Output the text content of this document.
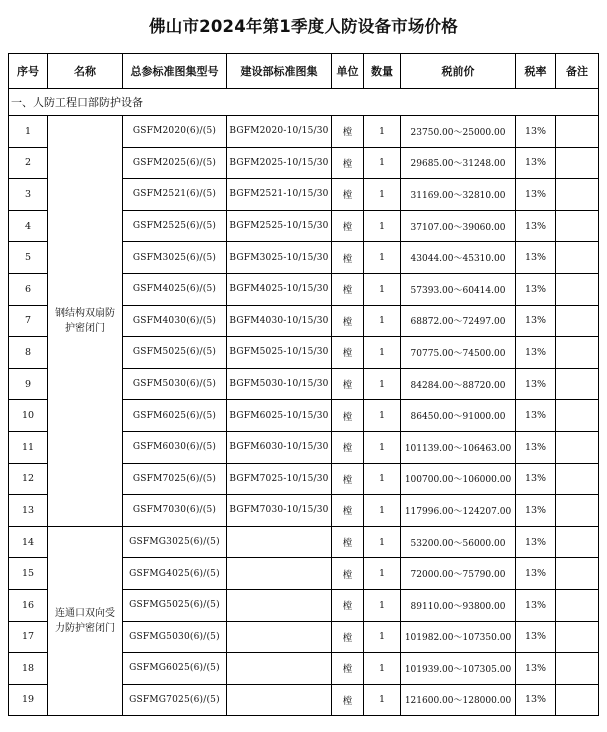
佛山市2024年第1季度人防设备市场价格
序号	名称	总参标准图集型号	建设部标准图集	单位	数量	税前价	税率	备注
一、人防工程口部防护设备								
1	钢结构双扇防护密闭门	GSFM2020(6)/(5)	BGFM2020-10/15/30	樘	1	23750.00～25000.00	13%	
2		GSFM2025(6)/(5)	BGFM2025-10/15/30	樘	1	29685.00～31248.00	13%	
3		GSFM2521(6)/(5)	BGFM2521-10/15/30	樘	1	31169.00～32810.00	13%	
4		GSFM2525(6)/(5)	BGFM2525-10/15/30	樘	1	37107.00～39060.00	13%	
5		GSFM3025(6)/(5)	BGFM3025-10/15/30	樘	1	43044.00～45310.00	13%	
6		GSFM4025(6)/(5)	BGFM4025-10/15/30	樘	1	57393.00～60414.00	13%	
7		GSFM4030(6)/(5)	BGFM4030-10/15/30	樘	1	68872.00～72497.00	13%	
8		GSFM5025(6)/(5)	BGFM5025-10/15/30	樘	1	70775.00～74500.00	13%	
9		GSFM5030(6)/(5)	BGFM5030-10/15/30	樘	1	84284.00～88720.00	13%	
10		GSFM6025(6)/(5)	BGFM6025-10/15/30	樘	1	86450.00～91000.00	13%	
11		GSFM6030(6)/(5)	BGFM6030-10/15/30	樘	1	101139.00～106463.00	13%	
12		GSFM7025(6)/(5)	BGFM7025-10/15/30	樘	1	100700.00～106000.00	13%	
13		GSFM7030(6)/(5)	BGFM7030-10/15/30	樘	1	117996.00～124207.00	13%	
14	连通口双向受力防护密闭门	GSFMG3025(6)/(5)		樘	1	53200.00～56000.00	13%	
15		GSFMG4025(6)/(5)		樘	1	72000.00～75790.00	13%	
16		GSFMG5025(6)/(5)		樘	1	89110.00～93800.00	13%	
17		GSFMG5030(6)/(5)		樘	1	101982.00～107350.00	13%	
18		GSFMG6025(6)/(5)		樘	1	101939.00～107305.00	13%	
19		GSFMG7025(6)/(5)		樘	1	121600.00～128000.00	13%	
